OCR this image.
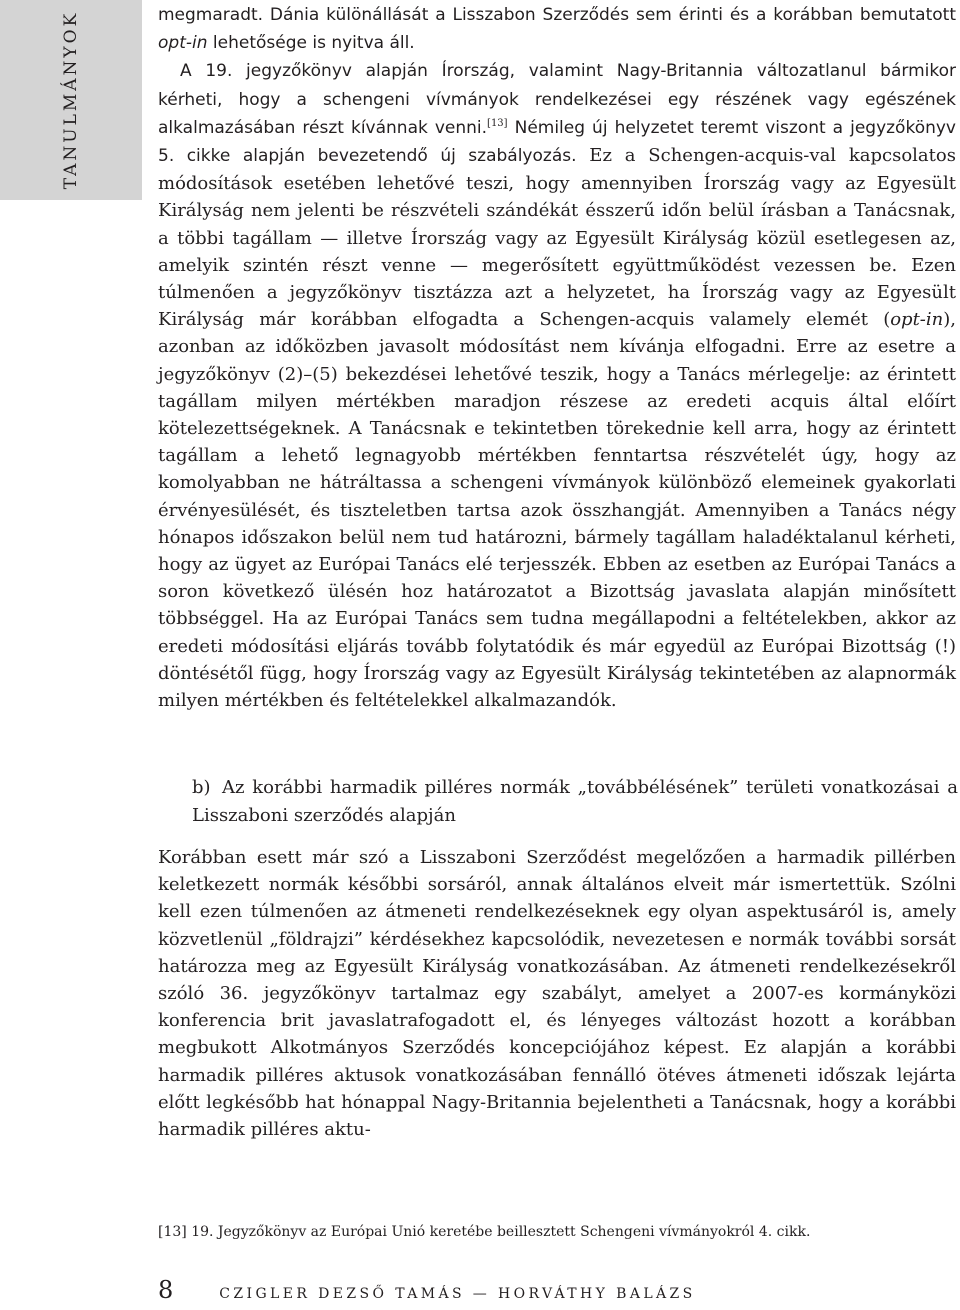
TANULMÁNYOK	megmaradt. Dánia különállását a Lisszabon Szerződés sem érinti és a korábban bemutatott opt-in lehetősége is nyitva áll.

A 19. jegyzőkönyv alapján Írország, valamint Nagy-Britannia változatlanul bármikor kérheti, hogy a schengeni vívmányok rendelkezései egy részének vagy egészének alkalmazásában részt kívánnak venni.[13] Némileg új helyzetet teremt viszont a jegyzőkönyv 5. cikke alapján bevezetendő új szabályozás. Ez a Schengen-acquis-val kapcsolatos módosítások esetében lehetővé teszi, hogy amennyiben Írország vagy az Egyesült Királyság nem jelenti be részvételi szándékát ésszerű időn belül írásban a Tanácsnak, a többi tagállam — illetve Írország vagy az Egyesült Királyság közül esetlegesen az, amelyik szintén részt venne — megerősített együttműködést vezessen be. Ezen túlmenően a jegyzőkönyv tisztázza azt a helyzetet, ha Írország vagy az Egyesült Királyság már korábban elfogadta a Schengen-acquis valamely elemét (opt-in), azonban az időközben javasolt módosítást nem kívánja elfogadni. Erre az esetre a jegyzőkönyv (2)–(5) bekezdései lehetővé teszik, hogy a Tanács mérlegelje: az érintett tagállam milyen mértékben maradjon részese az eredeti acquis által előírt kötelezettségeknek. A Tanácsnak e tekintetben törekednie kell arra, hogy az érintett tagállam a lehető legnagyobb mértékben fenntartsa részvételét úgy, hogy az komolyabban ne hátráltassa a schengeni vívmányok különböző elemeinek gyakorlati érvényesülését, és tiszteletben tartsa azok összhangját. Amennyiben a Tanács négy hónapos időszakon belül nem tud határozni, bármely tagállam haladéktalanul kérheti, hogy az ügyet az Európai Tanács elé terjesszék. Ebben az esetben az Európai Tanács a soron következő ülésén hoz határozatot a Bizottság javaslata alapján minősített többséggel. Ha az Európai Tanács sem tudna megállapodni a feltételekben, akkor az eredeti módosítási eljárás tovább folytatódik és már egyedül az Európai Bizottság (!) döntésétől függ, hogy Írország vagy az Egyesült Királyság tekintetében az alapnormák milyen mértékben és feltételekkel alkalmazandók.

b) Az korábbi harmadik pilléres normák „továbbélésének” területi vonatkozásai a Lisszaboni szerződés alapján

Korábban esett már szó a Lisszaboni Szerződést megelőzően a harmadik pillérben keletkezett normák későbbi sorsáról, annak általános elveit már ismertettük. Szólni kell ezen túlmenően az átmeneti rendelkezéseknek egy olyan aspektusáról is, amely közvetlenül „földrajzi” kérdésekhez kapcsolódik, nevezetesen e normák további sorsát határozza meg az Egyesült Királyság vonatkozásában. Az átmeneti rendelkezésekről szóló 36. jegyzőkönyv tartalmaz egy szabályt, amelyet a 2007-es kormányközi konferencia brit javaslatrafogadott el, és lényeges változást hozott a korábban megbukott Alkotmányos Szerződés koncepciójához képest. Ez alapján a korábbi harmadik pilléres aktusok vonatkozásában fennálló ötéves átmeneti időszak lejárta előtt legkésőbb hat hónappal Nagy-Britannia bejelentheti a Tanácsnak, hogy a korábbi harmadik pilléres aktu-

[13] 19. Jegyzőkönyv az Európai Unió keretébe beillesztett Schengeni vívmányokról 4. cikk.
8	CZIGLER DEZSŐ TAMÁS — HORVÁTHY BALÁZS
